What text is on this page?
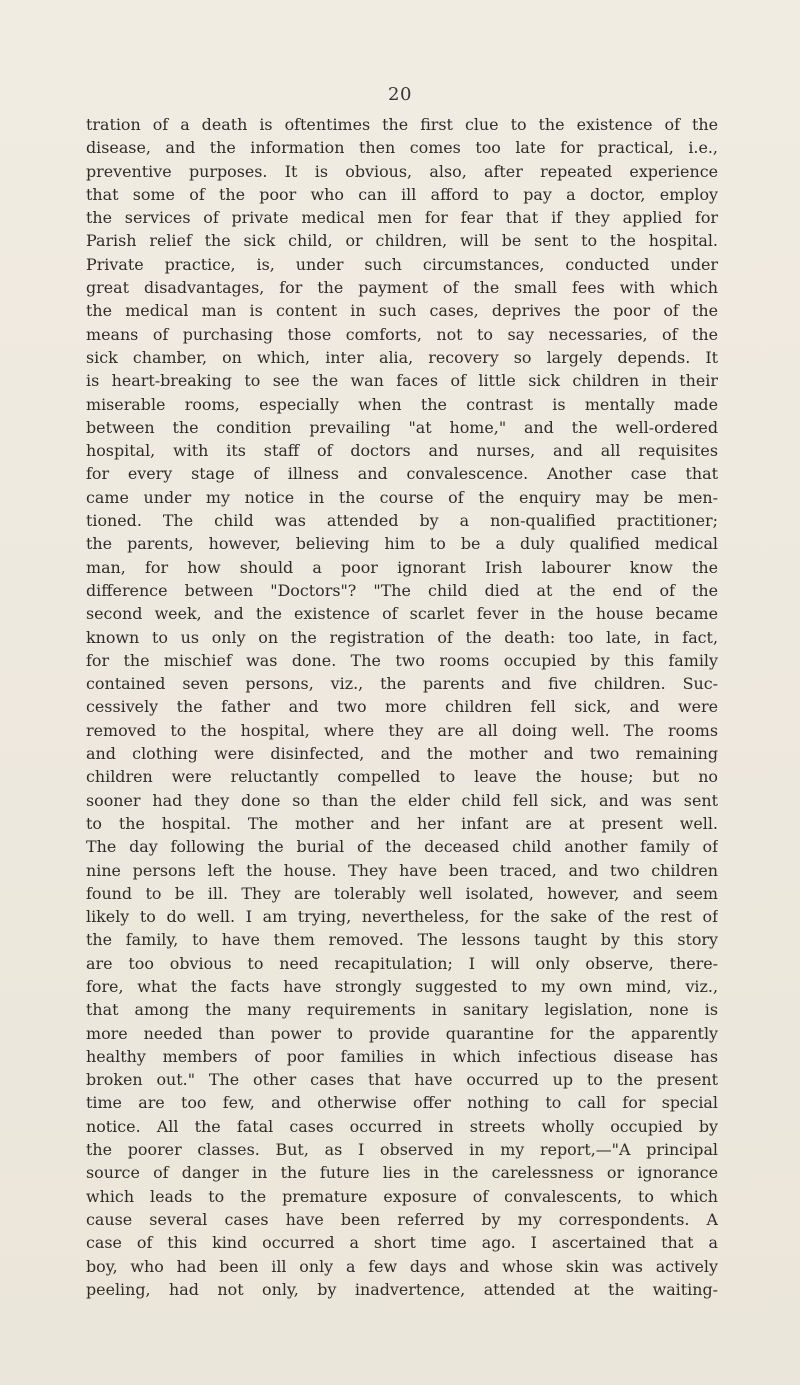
20
tration of a death is oftentimes the first clue to the existence of the
disease, and the information then comes too late for practical, i.e.,
preventive purposes. It is obvious, also, after repeated experience
that some of the poor who can ill afford to pay a doctor, employ
the services of private medical men for fear that if they applied for
Parish relief the sick child, or children, will be sent to the hospital.
Private practice, is, under such circumstances, conducted under
great disadvantages, for the payment of the small fees with which
the medical man is content in such cases, deprives the poor of the
means of purchasing those comforts, not to say necessaries, of the
sick chamber, on which, inter alia, recovery so largely depends. It
is heart-breaking to see the wan faces of little sick children in their
miserable rooms, especially when the contrast is mentally made
between the condition prevailing "at home," and the well-ordered
hospital, with its staff of doctors and nurses, and all requisites
for every stage of illness and convalescence. Another case that
came under my notice in the course of the enquiry may be men-
tioned. The child was attended by a non-qualified practitioner;
the parents, however, believing him to be a duly qualified medical
man, for how should a poor ignorant Irish labourer know the
difference between "Doctors"? "The child died at the end of the
second week, and the existence of scarlet fever in the house became
known to us only on the registration of the death: too late, in fact,
for the mischief was done. The two rooms occupied by this family
contained seven persons, viz., the parents and five children. Suc-
cessively the father and two more children fell sick, and were
removed to the hospital, where they are all doing well. The rooms
and clothing were disinfected, and the mother and two remaining
children were reluctantly compelled to leave the house; but no
sooner had they done so than the elder child fell sick, and was sent
to the hospital. The mother and her infant are at present well.
The day following the burial of the deceased child another family of
nine persons left the house. They have been traced, and two children
found to be ill. They are tolerably well isolated, however, and seem
likely to do well. I am trying, nevertheless, for the sake of the rest of
the family, to have them removed. The lessons taught by this story
are too obvious to need recapitulation; I will only observe, there-
fore, what the facts have strongly suggested to my own mind, viz.,
that among the many requirements in sanitary legislation, none is
more needed than power to provide quarantine for the apparently
healthy members of poor families in which infectious disease has
broken out." The other cases that have occurred up to the present
time are too few, and otherwise offer nothing to call for special
notice. All the fatal cases occurred in streets wholly occupied by
the poorer classes. But, as I observed in my report,—"A principal
source of danger in the future lies in the carelessness or ignorance
which leads to the premature exposure of convalescents, to which
cause several cases have been referred by my correspondents. A
case of this kind occurred a short time ago. I ascertained that a
boy, who had been ill only a few days and whose skin was actively
peeling, had not only, by inadvertence, attended at the waiting-
